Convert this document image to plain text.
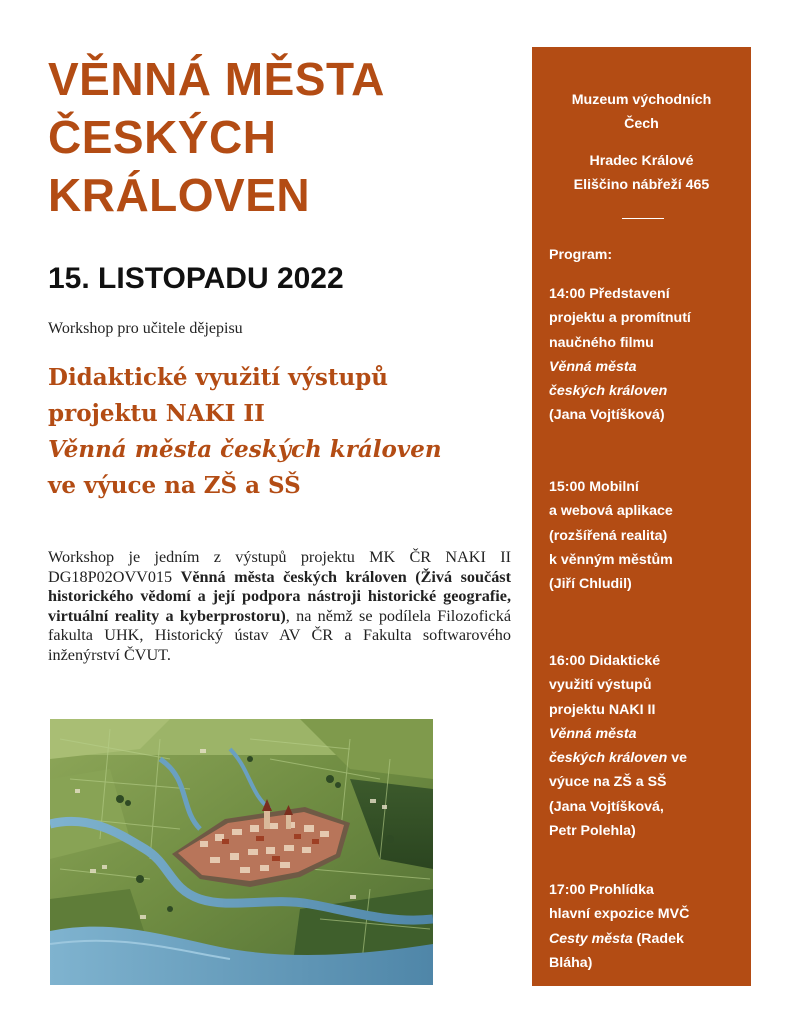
VĚNNÁ MĚSTA
ČESKÝCH
KRÁLOVEN
15. LISTOPADU 2022
Workshop pro učitele dějepisu
Didaktické využití výstupů
projektu NAKI II
Věnná města českých královen
ve výuce na ZŠ a SŠ
Workshop je jedním z výstupů projektu MK ČR NAKI II DG18P02OVV015 Věnná města českých královen (Živá součást historického vědomí a její podpora nástroji historické geografie, virtuální reality a kyberprostoru), na němž se podílela Filozofická fakulta UHK, Historický ústav AV ČR a Fakulta softwarového inženýrství ČVUT.
Muzeum východních
Čech
Hradec Králové
Eliščino nábřeží 465
Program:
14:00 Představení
projektu a promítnutí
naučného filmu
Věnná města
českých královen
(Jana Vojtíšková)
15:00 Mobilní
a webová aplikace
(rozšířená realita)
k věnným městům
(Jiří Chludil)
16:00 Didaktické
využití výstupů
projektu NAKI II
Věnná města
českých královen ve
výuce na ZŠ a SŠ
(Jana Vojtíšková,
Petr Polehla)
17:00 Prohlídka
hlavní expozice MVČ
Cesty města (Radek
Bláha)
